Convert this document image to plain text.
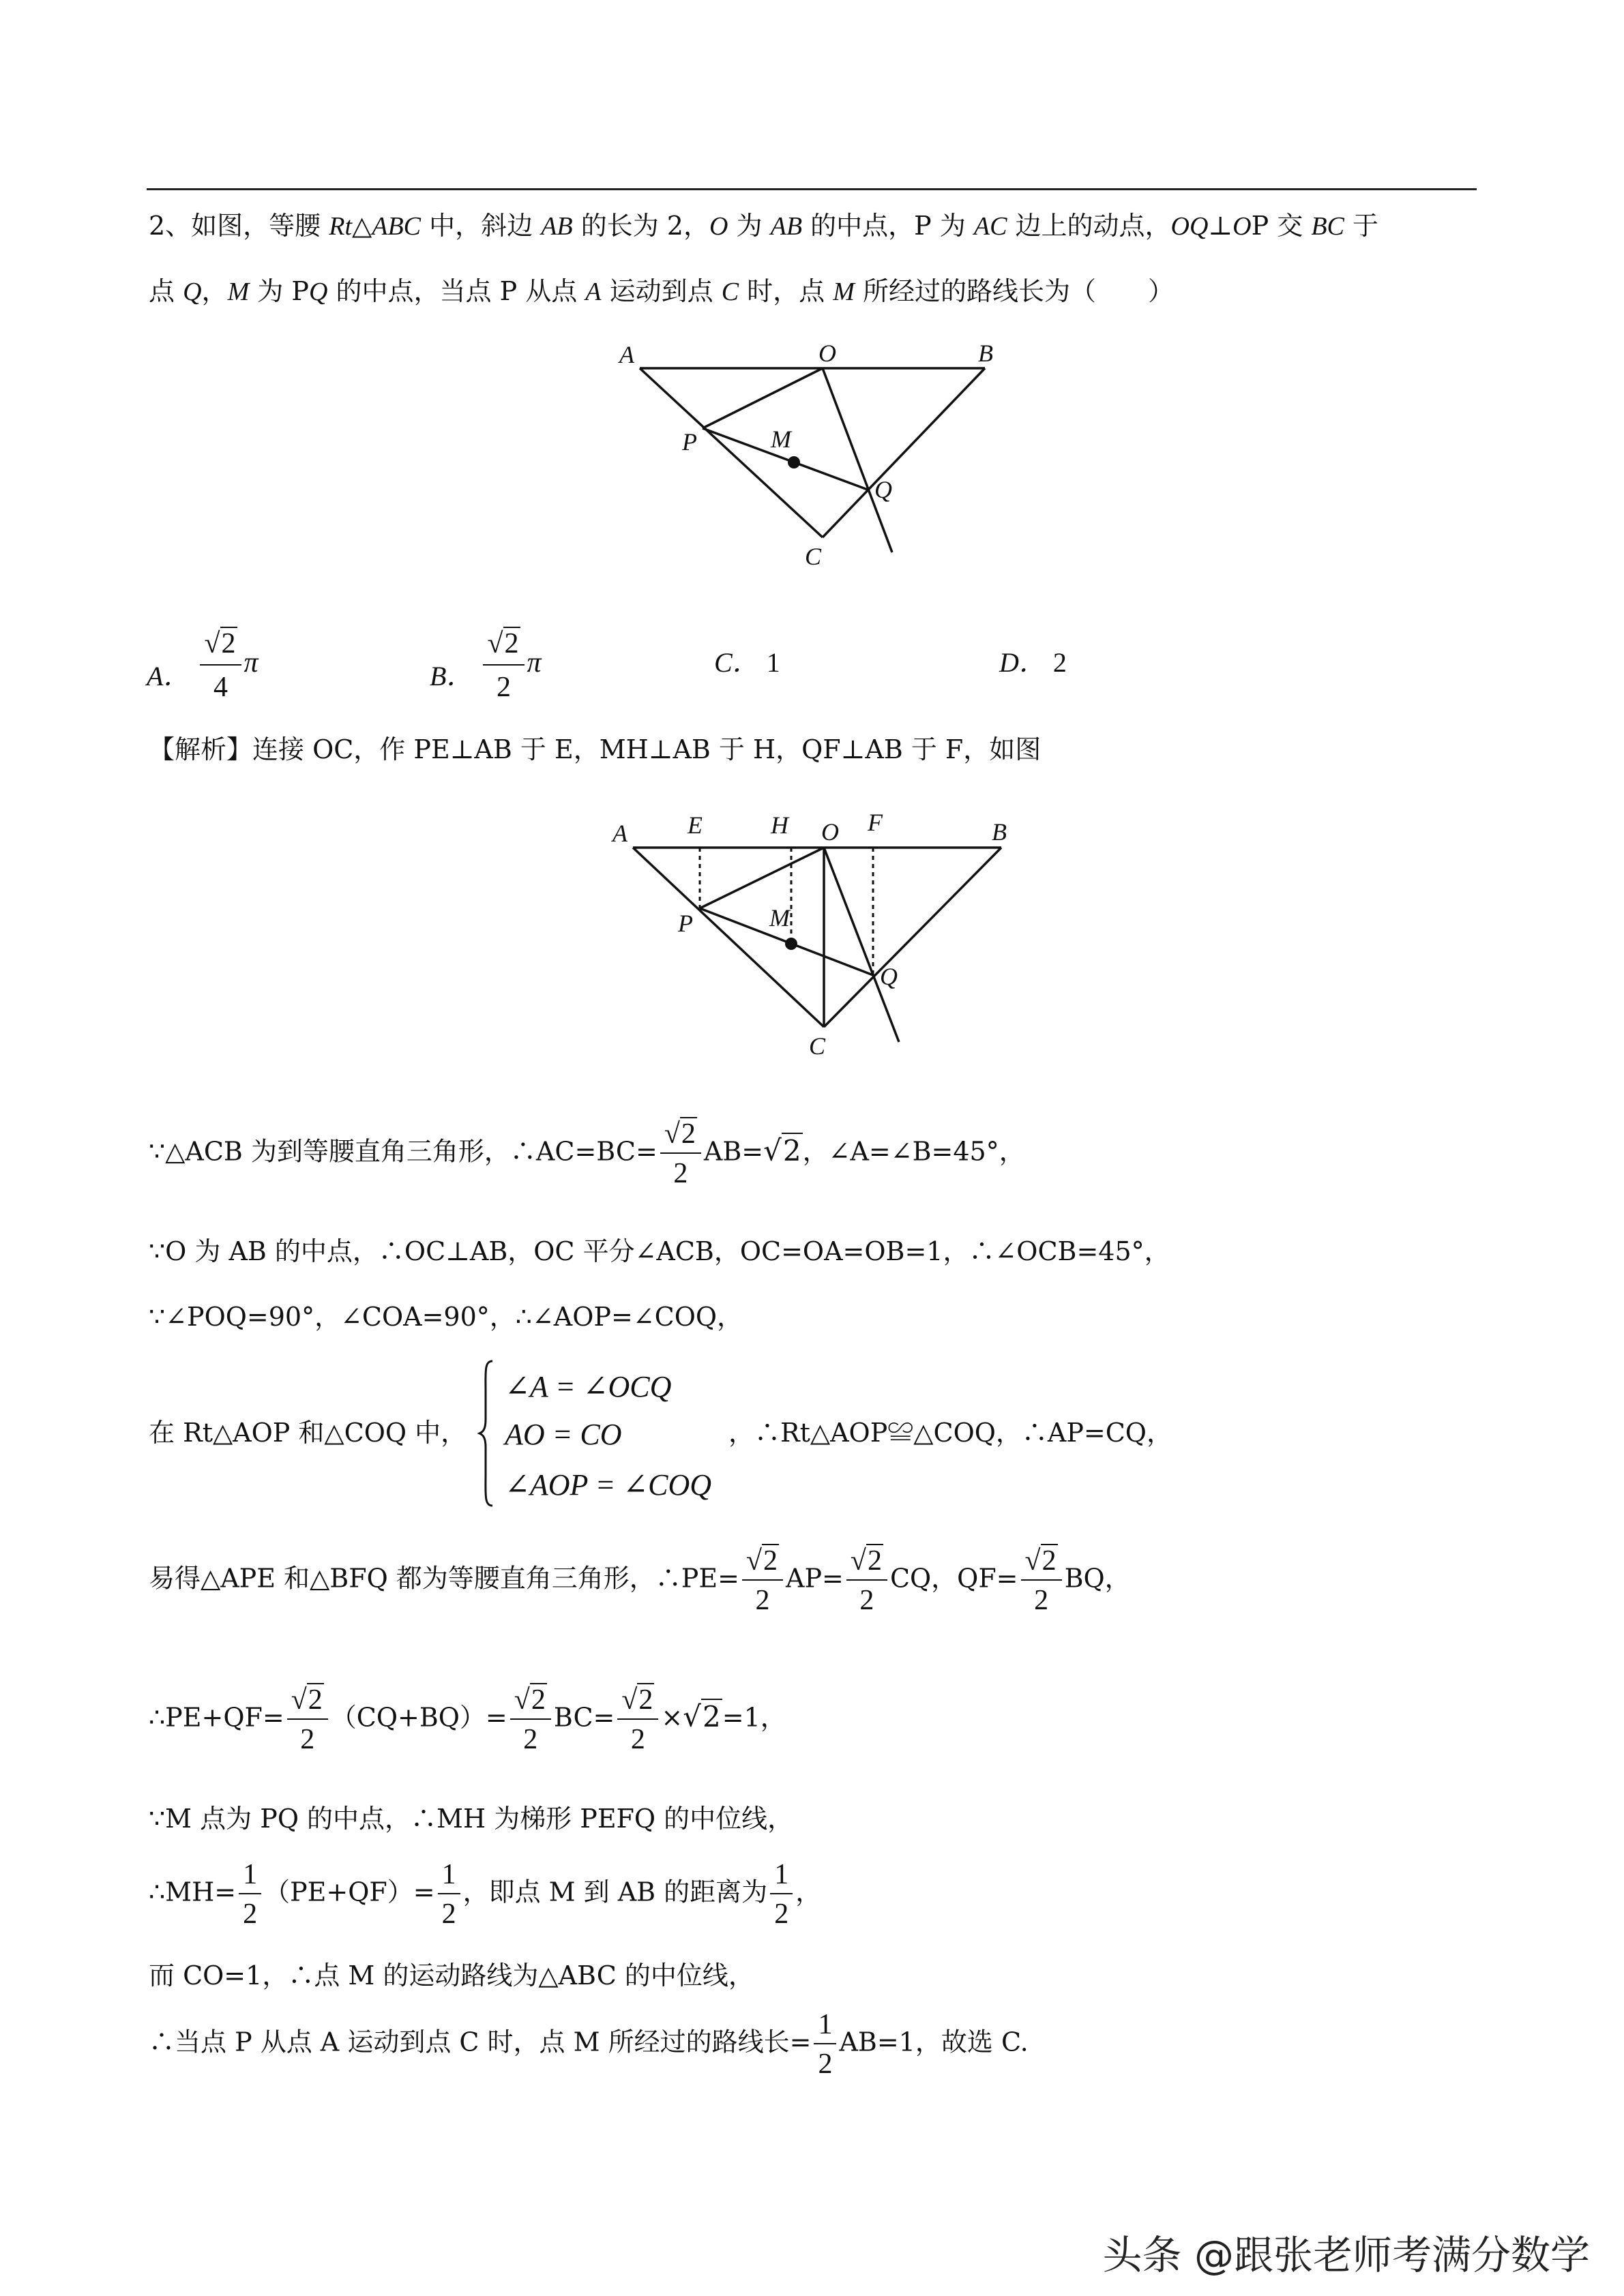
2、如图，等腰 Rt△ABC 中，斜边 AB 的长为 2，O 为 AB 的中点，P 为 AC 边上的动点，OQ⊥OP 交 BC 于
点 Q，M 为 PQ 的中点，当点 P 从点 A 运动到点 C 时，点 M 所经过的路线长为（　　）
A	O	B
P	M
Q
C
A． $\frac{√2}{4}$ π	B． $\frac{√2}{2}$ π	C． 1	D． 2
【解析】连接 OC，作 PE⊥AB 于 E，MH⊥AB 于 H，QF⊥AB 于 F，如图
A E	H O F	B
P	M
Q
C
∵△ACB 为到等腰直角三角形，∴AC=BC= $\frac{√2}{2} AB=√2$，∠A=∠B=45°，
∵O 为 AB 的中点，∴OC⊥AB，OC 平分∠ACB，OC=OA=OB=1，∴∠OCB=45°，
∵∠POQ=90°，∠COA=90°，∴∠AOP=∠COQ，
在 Rt△AOP 和△COQ 中，
∠A = ∠OCQ
AO = CO
∠AOP = ∠COQ
，∴Rt△AOP≌△COQ，∴AP=CQ，
易得△APE 和△BFQ 都为等腰直角三角形，∴PE= $\frac{√2}{2} AP= \frac{√2}{2}$ CQ，$QF= \frac{√2}{2}$ BQ，
∴PE+QF= $\frac{√2}{2} (CQ+BQ)= \frac{√2}{2} BC= \frac{√2}{2} \times√2=1$，
∵M 点为 PQ 的中点，∴MH 为梯形 PEFQ 的中位线，
∴MH= $\frac{1}{2} (PE+QF)= \frac{1}{2}$ ，即点 M 到 AB 的距离为 $\frac{1}{2}$ ，
而 CO=1，∴点 M 的运动路线为△ABC 的中位线，
∴当点 P 从点 A 运动到点 C 时，点 M 所经过的路线长= $\frac{1}{2} AB=1$，故选 C.
头条 @跟张老师考满分数学
